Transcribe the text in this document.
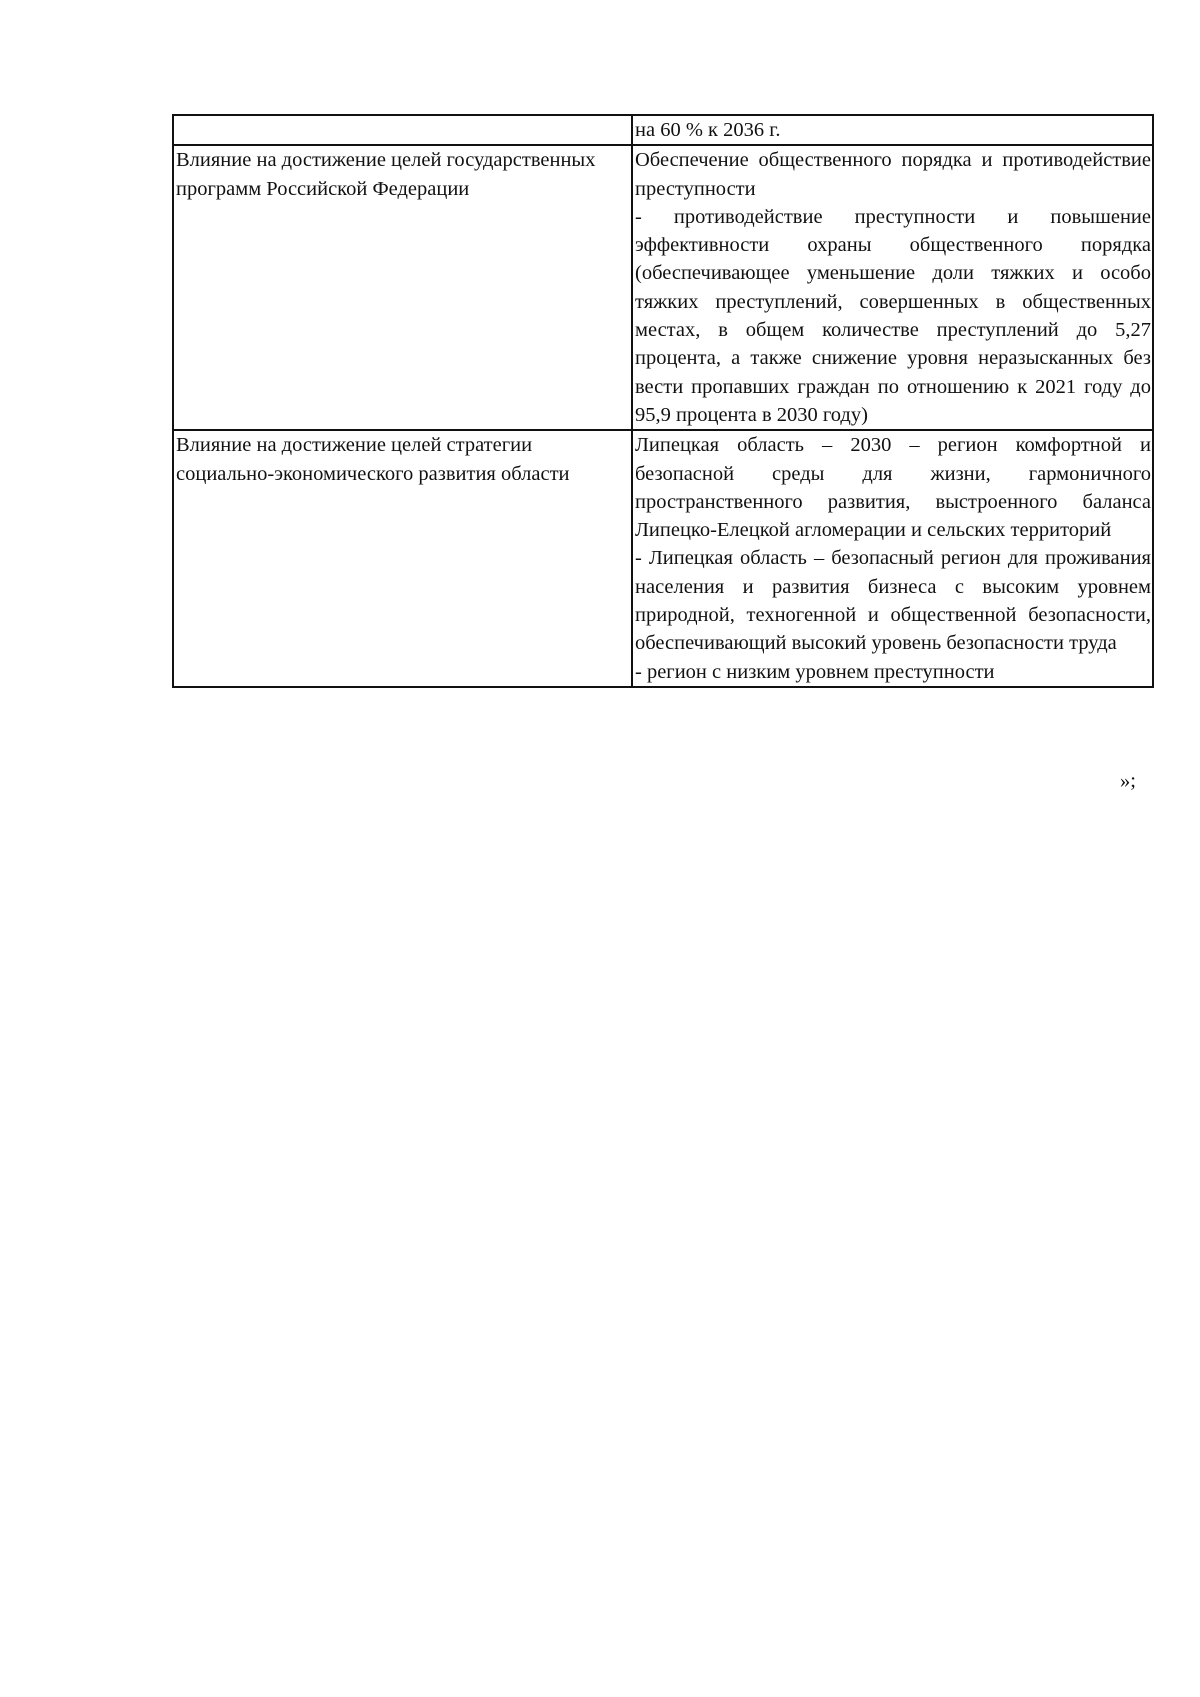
	на 60 % к 2036 г.

Влияние на достижение целей государственных программ Российской Федерации	Обеспечение общественного порядка и противодействие преступности
- противодействие преступности и повышение эффективности охраны общественного порядка (обеспечивающее уменьшение доли тяжких и особо тяжких преступлений, совершенных в общественных местах, в общем количестве преступлений до 5,27 процента, а также снижение уровня неразысканных без вести пропавших граждан по отношению к 2021 году до 95,9 процента в 2030 году)

Влияние на достижение целей стратегии социально-экономического развития области	Липецкая область – 2030 – регион комфортной и безопасной среды для жизни, гармоничного пространственного развития, выстроенного баланса Липецко-Елецкой агломерации и сельских территорий
- Липецкая область – безопасный регион для проживания населения и развития бизнеса с высоким уровнем природной, техногенной и общественной безопасности, обеспечивающий высокий уровень безопасности труда
- регион с низким уровнем преступности
»;
